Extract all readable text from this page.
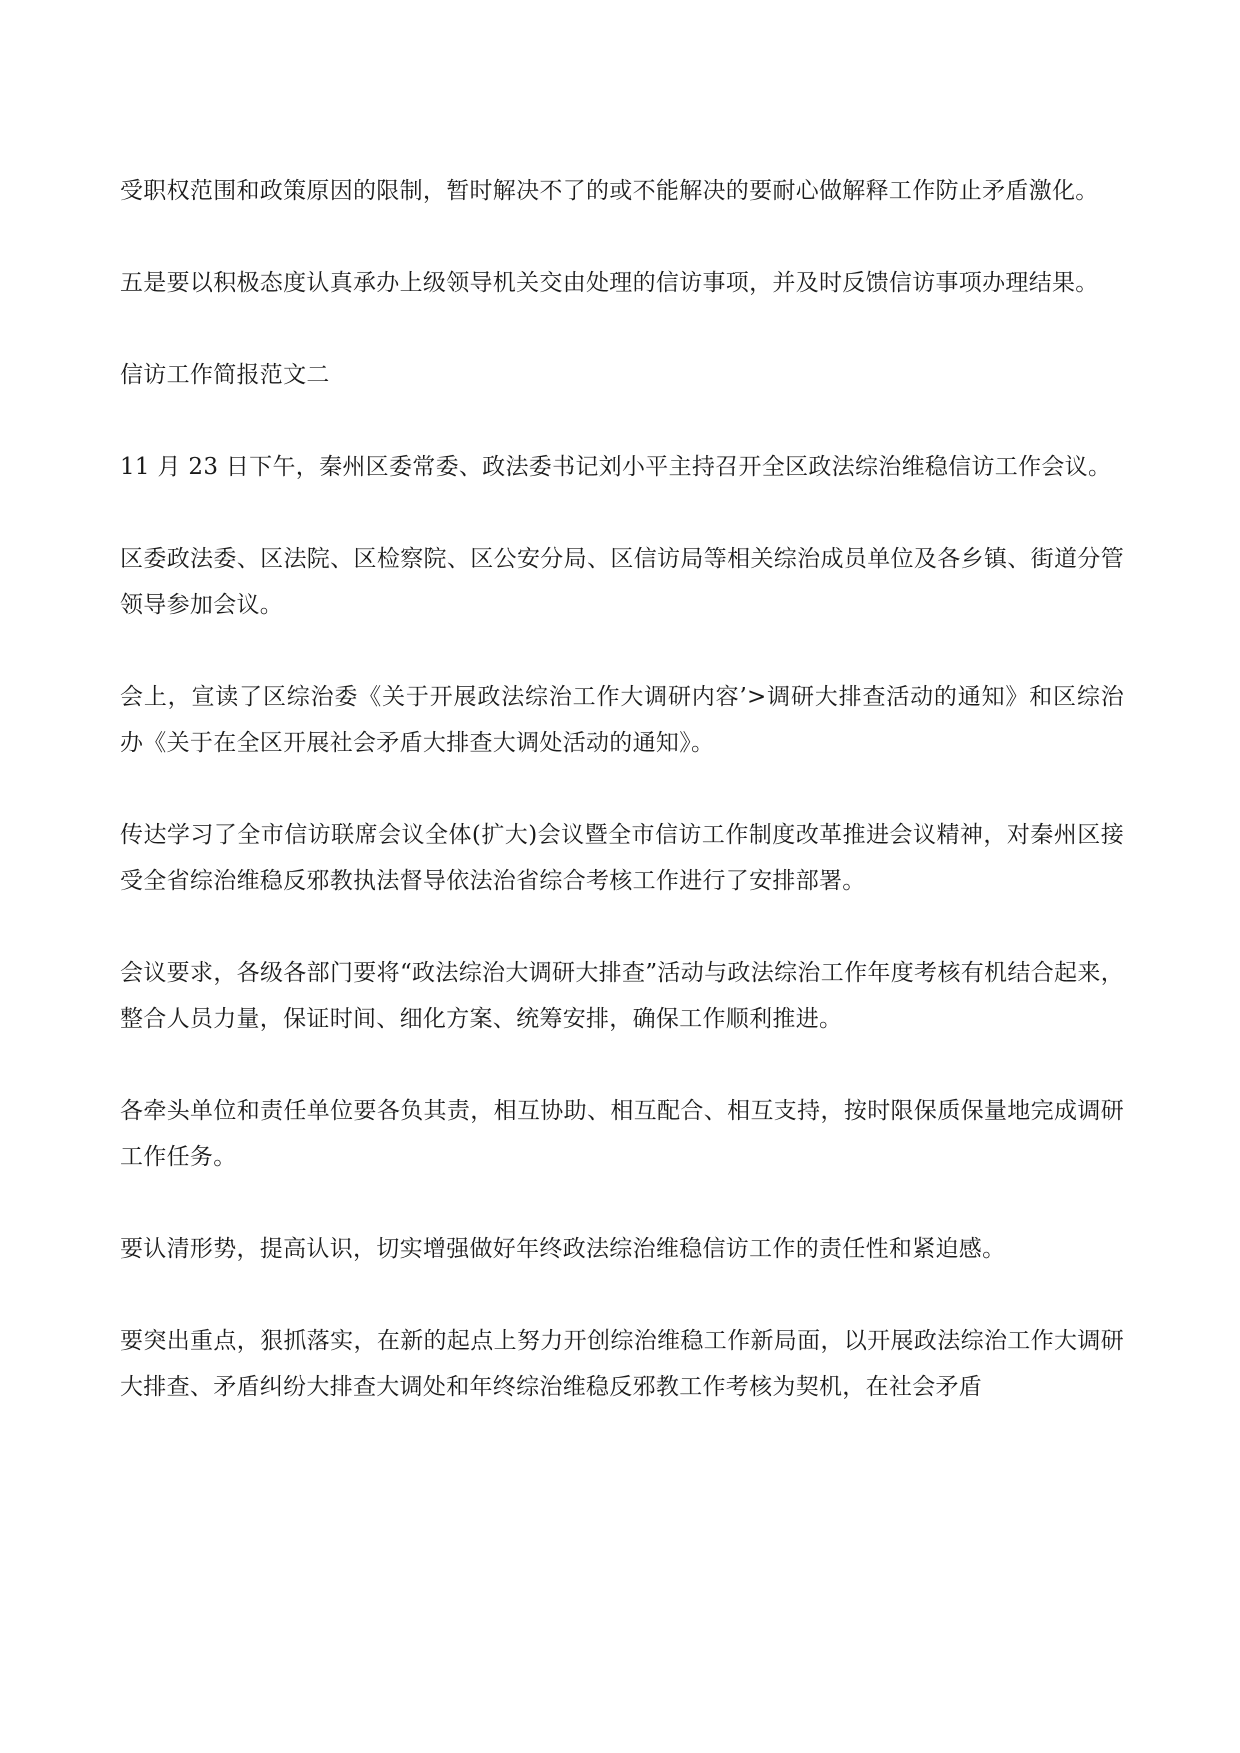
受职权范围和政策原因的限制，暂时解决不了的或不能解决的要耐心做解释工作防止矛盾激化。

五是要以积极态度认真承办上级领导机关交由处理的信访事项，并及时反馈信访事项办理结果。

信访工作简报范文二

11 月 23 日下午，秦州区委常委、政法委书记刘小平主持召开全区政法综治维稳信访工作会议。

区委政法委、区法院、区检察院、区公安分局、区信访局等相关综治成员单位及各乡镇、街道分管领导参加会议。

会上，宣读了区综治委《关于开展政法综治工作大调研内容’>调研大排查活动的通知》和区综治办《关于在全区开展社会矛盾大排查大调处活动的通知》。

传达学习了全市信访联席会议全体(扩大)会议暨全市信访工作制度改革推进会议精神，对秦州区接受全省综治维稳反邪教执法督导依法治省综合考核工作进行了安排部署。

会议要求，各级各部门要将“政法综治大调研大排查”活动与政法综治工作年度考核有机结合起来，整合人员力量，保证时间、细化方案、统筹安排，确保工作顺利推进。

各牵头单位和责任单位要各负其责，相互协助、相互配合、相互支持，按时限保质保量地完成调研工作任务。

要认清形势，提高认识，切实增强做好年终政法综治维稳信访工作的责任性和紧迫感。

要突出重点，狠抓落实，在新的起点上努力开创综治维稳工作新局面，以开展政法综治工作大调研大排查、矛盾纠纷大排查大调处和年终综治维稳反邪教工作考核为契机，在社会矛盾
